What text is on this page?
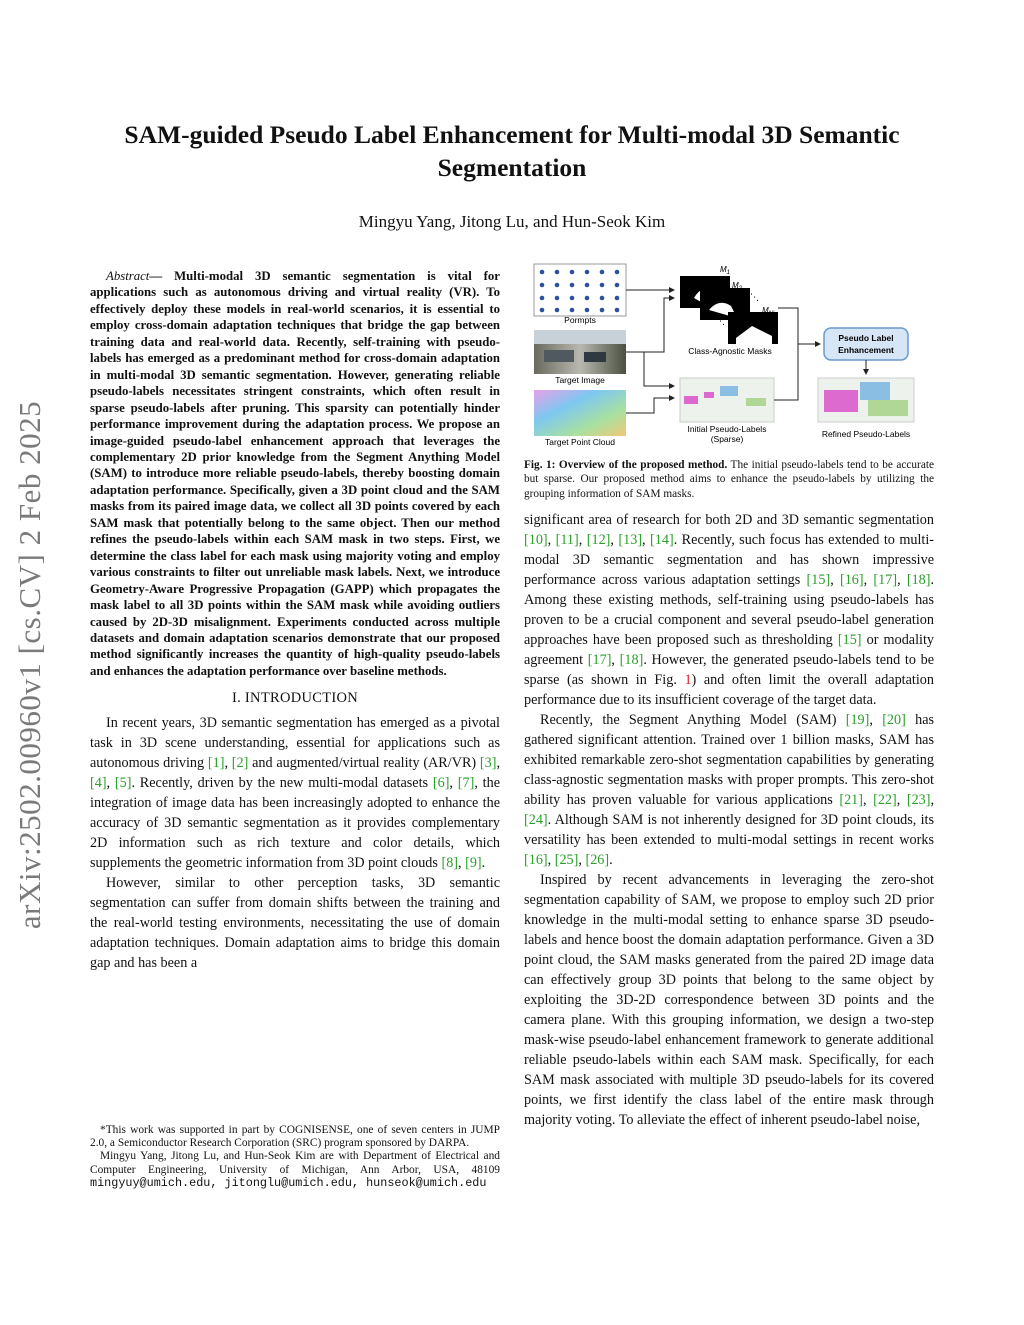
arXiv:2502.00960v1 [cs.CV] 2 Feb 2025
SAM-guided Pseudo Label Enhancement for Multi-modal 3D Semantic
Segmentation
Mingyu Yang, Jitong Lu, and Hun-Seok Kim

Abstract— Multi-modal 3D semantic segmentation is vital for applications such as autonomous driving and virtual reality (VR). To effectively deploy these models in real-world scenarios, it is essential to employ cross-domain adaptation techniques that bridge the gap between training data and real-world data. Recently, self-training with pseudo-labels has emerged as a predominant method for cross-domain adaptation in multi-modal 3D semantic segmentation. However, generating reliable pseudo-labels necessitates stringent constraints, which often result in sparse pseudo-labels after pruning. This sparsity can potentially hinder performance improvement during the adaptation process. We propose an image-guided pseudo-label enhancement approach that leverages the complementary 2D prior knowledge from the Segment Anything Model (SAM) to introduce more reliable pseudo-labels, thereby boosting domain adaptation performance. Specifically, given a 3D point cloud and the SAM masks from its paired image data, we collect all 3D points covered by each SAM mask that potentially belong to the same object. Then our method refines the pseudo-labels within each SAM mask in two steps. First, we determine the class label for each mask using majority voting and employ various constraints to filter out unreliable mask labels. Next, we introduce Geometry-Aware Progressive Propagation (GAPP) which propagates the mask label to all 3D points within the SAM mask while avoiding outliers caused by 2D-3D misalignment. Experiments conducted across multiple datasets and domain adaptation scenarios demonstrate that our proposed method significantly increases the quantity of high-quality pseudo-labels and enhances the adaptation performance over baseline methods.

I. INTRODUCTION

In recent years, 3D semantic segmentation has emerged as a pivotal task in 3D scene understanding, essential for applications such as autonomous driving [1], [2] and augmented/virtual reality (AR/VR) [3], [4], [5]. Recently, driven by the new multi-modal datasets [6], [7], the integration of image data has been increasingly adopted to enhance the accuracy of 3D semantic segmentation as it provides complementary 2D information such as rich texture and color details, which supplements the geometric information from 3D point clouds [8], [9].

However, similar to other perception tasks, 3D semantic segmentation can suffer from domain shifts between the training and the real-world testing environments, necessitating the use of domain adaptation techniques. Domain adaptation aims to bridge this domain gap and has been a

*This work was supported in part by COGNISENSE, one of seven centers in JUMP 2.0, a Semiconductor Research Corporation (SRC) program sponsored by DARPA.

Mingyu Yang, Jitong Lu, and Hun-Seok Kim are with Department of Electrical and Computer Engineering, University of Michigan, Ann Arbor, USA, 48109 mingyuy@umich.edu, jitonglu@umich.edu, hunseok@umich.edu

Pormpts
Target Image
Target Point Cloud
$M_1$
$M_2$
$M_{N'}$
⋱
⋱
Class-Agnostic Masks
Initial Pseudo-Labels
(Sparse)
Pseudo Label
Enhancement
Refined Pseudo-Labels
Fig. 1: Overview of the proposed method. The initial pseudo-labels tend to be accurate but sparse. Our proposed method aims to enhance the pseudo-labels by utilizing the grouping information of SAM masks.

significant area of research for both 2D and 3D semantic segmentation [10], [11], [12], [13], [14]. Recently, such focus has extended to multi-modal 3D semantic segmentation and has shown impressive performance across various adaptation settings [15], [16], [17], [18]. Among these existing methods, self-training using pseudo-labels has proven to be a crucial component and several pseudo-label generation approaches have been proposed such as thresholding [15] or modality agreement [17], [18]. However, the generated pseudo-labels tend to be sparse (as shown in Fig. 1) and often limit the overall adaptation performance due to its insufficient coverage of the target data.

Recently, the Segment Anything Model (SAM) [19], [20] has gathered significant attention. Trained over 1 billion masks, SAM has exhibited remarkable zero-shot segmentation capabilities by generating class-agnostic segmentation masks with proper prompts. This zero-shot ability has proven valuable for various applications [21], [22], [23], [24]. Although SAM is not inherently designed for 3D point clouds, its versatility has been extended to multi-modal settings in recent works [16], [25], [26].

Inspired by recent advancements in leveraging the zero-shot segmentation capability of SAM, we propose to employ such 2D prior knowledge in the multi-modal setting to enhance sparse 3D pseudo-labels and hence boost the domain adaptation performance. Given a 3D point cloud, the SAM masks generated from the paired 2D image data can effectively group 3D points that belong to the same object by exploiting the 3D-2D correspondence between 3D points and the camera plane. With this grouping information, we design a two-step mask-wise pseudo-label enhancement framework to generate additional reliable pseudo-labels within each SAM mask. Specifically, for each SAM mask associated with multiple 3D pseudo-labels for its covered points, we first identify the class label of the entire mask through majority voting. To alleviate the effect of inherent pseudo-label noise,
